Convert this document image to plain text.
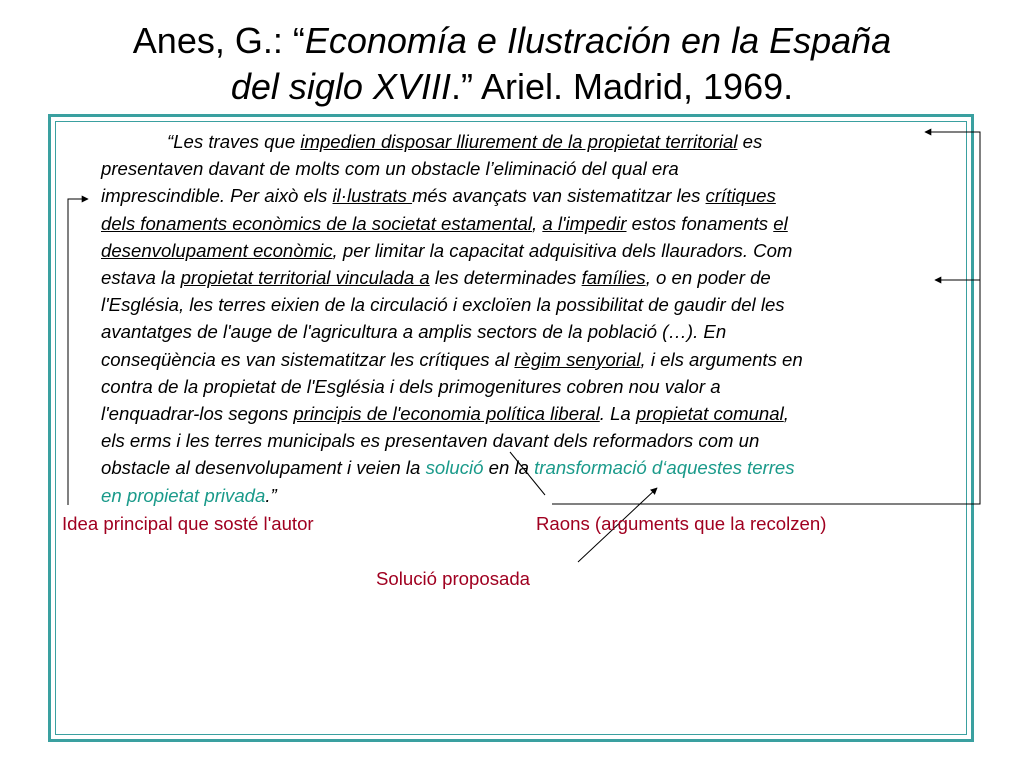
Anes, G.: “Economía e Ilustración en la España
del siglo XVIII.” Ariel. Madrid, 1969.
“Les traves que impedien disposar lliurement de la propietat territorial es
presentaven davant de molts com un obstacle l’eliminació del qual era
imprescindible. Per això els il·lustrats més avançats van sistematitzar les crítiques
dels fonaments econòmics de la societat estamental, a l'impedir estos fonaments el
desenvolupament econòmic, per limitar la capacitat adquisitiva dels llauradors. Com
estava la propietat territorial vinculada a les determinades famílies, o en poder de
l'Església, les terres eixien de la circulació i excloïen la possibilitat de gaudir del les
avantatges de l'auge de l'agricultura a amplis sectors de la població (…). En
conseqüència es van sistematitzar les crítiques al règim senyorial, i els arguments en
contra de la propietat de l'Església i dels primogenitures cobren nou valor a
l'enquadrar-los segons principis de l'economia política liberal. La propietat comunal,
els erms i les terres municipals es presentaven davant dels reformadors com un
obstacle al desenvolupament i veien la solució en la transformació d‘aquestes terres
en propietat privada.”
Idea principal que sosté l'autor	Raons (arguments que la recolzen)
Solució proposada
